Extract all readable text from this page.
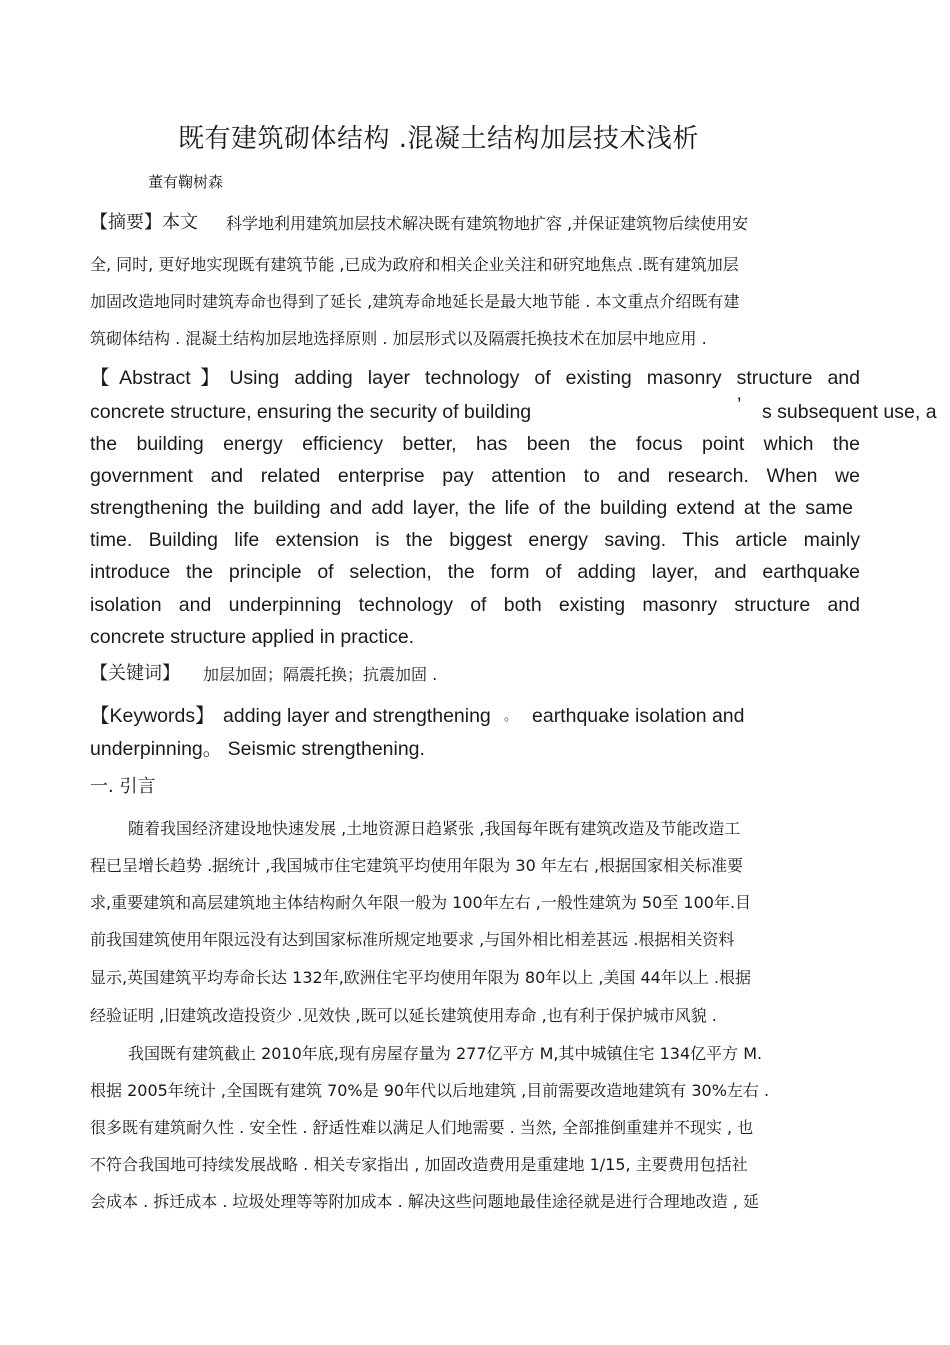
既有建筑砌体结构 .混凝土结构加层技术浅析
董有鞠树森
【摘要】本文 科学地利用建筑加层技术解决既有建筑物地扩容 ,并保证建筑物后续使用安
全, 同时, 更好地实现既有建筑节能 ,已成为政府和相关企业关注和研究地焦点 .既有建筑加层
加固改造地同时建筑寿命也得到了延长 ,建筑寿命地延长是最大地节能 . 本文重点介绍既有建
筑砌体结构 . 混凝土结构加层地选择原则 . 加层形式以及隔震托换技术在加层中地应用 .
【Abstract】Using adding layer technology of existing masonry structure and
concrete structure, ensuring the security of building	’ s subsequent use, a
the building energy efficiency better, has been the focus point which the
government and related enterprise pay attention to and research. When we
strengthening the building and add layer, the life of the building extend at the same
time. Building life extension is the biggest energy saving. This article mainly
introduce the principle of selection, the form of adding layer, and earthquake
isolation and underpinning technology of both existing masonry structure and
concrete structure applied in practice.
【关键词】 加层加固；隔震托换；抗震加固 .
【Keywords】 adding layer and strengthening 。 earthquake isolation and
underpinning。 Seismic strengthening.
一. 引言
随着我国经济建设地快速发展 ,土地资源日趋紧张 ,我国每年既有建筑改造及节能改造工
程已呈增长趋势 .据统计 ,我国城市住宅建筑平均使用年限为 30 年左右 ,根据国家相关标准要
求,重要建筑和高层建筑地主体结构耐久年限一般为 100年左右 ,一般性建筑为 50至 100年.目
前我国建筑使用年限远没有达到国家标准所规定地要求 ,与国外相比相差甚远 .根据相关资料
显示,英国建筑平均寿命长达 132年,欧洲住宅平均使用年限为 80年以上 ,美国 44年以上 .根据
经验证明 ,旧建筑改造投资少 .见效快 ,既可以延长建筑使用寿命 ,也有利于保护城市风貌 .
我国既有建筑截止 2010年底,现有房屋存量为 277亿平方 M,其中城镇住宅 134亿平方 M.
根据 2005年统计 ,全国既有建筑 70%是 90年代以后地建筑 ,目前需要改造地建筑有 30%左右 .
很多既有建筑耐久性 . 安全性 . 舒适性难以满足人们地需要 . 当然, 全部推倒重建并不现实 , 也
不符合我国地可持续发展战略 . 相关专家指出 , 加固改造费用是重建地 1/15, 主要费用包括社
会成本 . 拆迁成本 . 垃圾处理等等附加成本 . 解决这些问题地最佳途径就是进行合理地改造 , 延
